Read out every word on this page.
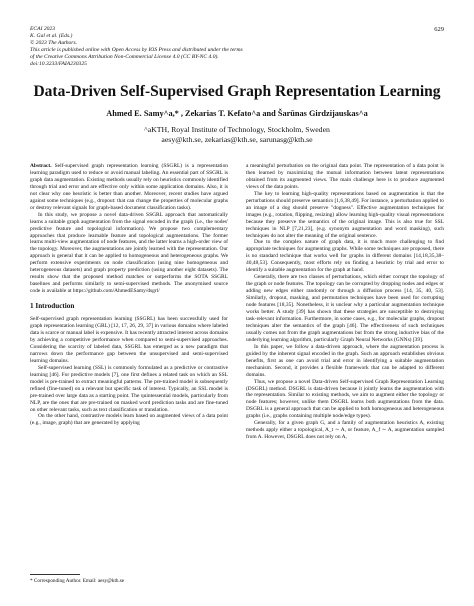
ECAI 2023
K. Gal et al. (Eds.)
© 2023 The Authors.
This article is published online with Open Access by IOS Press and distributed under the terms
of the Creative Commons Attribution Non-Commercial License 4.0 (CC BY-NC 4.0).
doi:10.3233/FAIA230325
629
Data-Driven Self-Supervised Graph Representation Learning
Ahmed E. Samy^a,* , Zekarias T. Kefato^a and Šarūnas Girdzijauskas^a
^aKTH, Royal Institute of Technology, Stockholm, Sweden
aesy@kth.se, zekarias@kth.se, sarunasg@kth.se

Abstract. Self-supervised graph representation learning (SSGRL) is a representation learning paradigm used to reduce or avoid manual labeling. An essential part of SSGRL is graph data augmentation. Existing methods usually rely on heuristics commonly identified through trial and error and are effective only within some application domains. Also, it is not clear why one heuristic is better than another. Moreover, recent studies have argued against some techniques (e.g., dropout: that can change the properties of molecular graphs or destroy relevant signals for graph-based document classification tasks).

In this study, we propose a novel data-driven SSGRL approach that automatically learns a suitable graph augmentation from the signal encoded in the graph (i.e., the nodes' predictive feature and topological information). We propose two complementary approaches that produce learnable feature and topological augmentations. The former learns multi-view augmentation of node features, and the latter learns a high-order view of the topology. Moreover, the augmentations are jointly learned with the representation. Our approach is general that it can be applied to homogeneous and heterogeneous graphs. We perform extensive experiments on node classification (using nine homogeneous and heterogeneous datasets) and graph property prediction (using another eight datasets). The results show that the proposed method matches or outperforms the SOTA SSGRL baselines and performs similarly to semi-supervised methods. The anonymised source code is available at https://github.com/AhmedESamy/dsgrl/

1 Introduction

Self-supervised graph representation learning (SSGRL) has been successfully used for graph representation learning (GRL) [12, 17, 26, 29, 37] in various domains where labeled data is scarce or manual label is expensive. It has recently attracted interest across domains by achieving a competitive performance when compared to semi-supervised approaches. Considering the scarcity of labeled data, SSGRL has emerged as a new paradigm that narrows down the performance gap between the unsupervised and semi-supervised learning domains.

Self-supervised learning (SSL) is commonly formulated as a predictive or contrastive learning [46]. For predictive models [7], one first defines a related task on which an SSL model is pre-trained to extract meaningful patterns. The pre-trained model is subsequently refined (fine-tuned) on a relevant but specific task of interest. Typically, an SSL model is pre-trained over large data as a starting point. The quintessential models, particularly from NLP, are the ones that are pre-trained on masked word prediction tasks and are fine-tuned on other relevant tasks, such as text classification or translation.

On the other hand, contrastive models learn based on augmented views of a data point (e.g., image, graph) that are generated by applying

a meaningful perturbation on the original data point. The representation of a data point is then learned by maximizing the mutual information between latent representations obtained from its augmented views. The main challenge here is to produce augmented views of the data points.

The key to learning high-quality representations based on augmentation is that the perturbations should preserve semantics [1,6,38,49]. For instance, a perturbation applied to an image of a dog should preserve "dogness". Effective augmentation techniques for images (e.g., rotation, flipping, resizing) allow learning high-quality visual representations because they preserve the semantics of the original image. This is also true for SSL techniques in NLP [7,21,23], (e.g. synonym augmentation and word masking), such techniques do not alter the meaning of the original sentence.

Due to the complex nature of graph data, it is much more challenging to find appropriate techniques for augmenting graphs. While some techniques are proposed, there is no standard technique that works well for graphs in different domains [14,18,35,38–40,48,53]. Consequently, most efforts rely on finding a heuristic by trial and error to identify a suitable augmentation for the graph at hand.

Generally, there are two classes of perturbations, which either corrupt the topology of the graph or node features. The topology can be corrupted by dropping nodes and edges or adding new edges either randomly or through a diffusion process [14, 35, 40, 53]. Similarly, dropout, masking, and permutation techniques have been used for corrupting node features [18,35]. Nonetheless, it is unclear why a particular augmentation technique works better. A study [39] has shown that these strategies are susceptible to destroying task-relevant information. Furthermore, in some cases, e.g., for molecular graphs, dropout techniques alter the semantics of the graph [46]. The effectiveness of such techniques usually comes not from the graph augmentations but from the strong inductive bias of the underlying learning algorithm, particularly Graph Neural Networks (GNNs) [39].

In this paper, we follow a data-driven approach, where the augmentation process is guided by the inherent signal encoded in the graph. Such an approach establishes obvious benefits, first as one can avoid trial and error in identifying a suitable augmentation mechanism. Second, it provides a flexible framework that can be adapted to different domains.

Thus, we propose a novel Data-driven Self-supervised Graph Representation Learning (DSGRL) method. DSGRL is data-driven because it jointly learns the augmentation with the representation. Similar to existing methods, we aim to augment either the topology or node features; however, unlike them DSGRL learns both augmentations from the data. DSGRL is a general approach that can be applied to both homogeneous and heterogeneous graphs (i.e., graphs containing multiple node/edge types).

Generally, for a given graph G, and a family of augmentation heuristics A, existing methods apply either a topological, A_t ∼ A, or feature, A_f ∼ A, augmentation sampled from A. However, DSGRL does not rely on A,

* Corresponding Author. Email: aesy@kth.se
